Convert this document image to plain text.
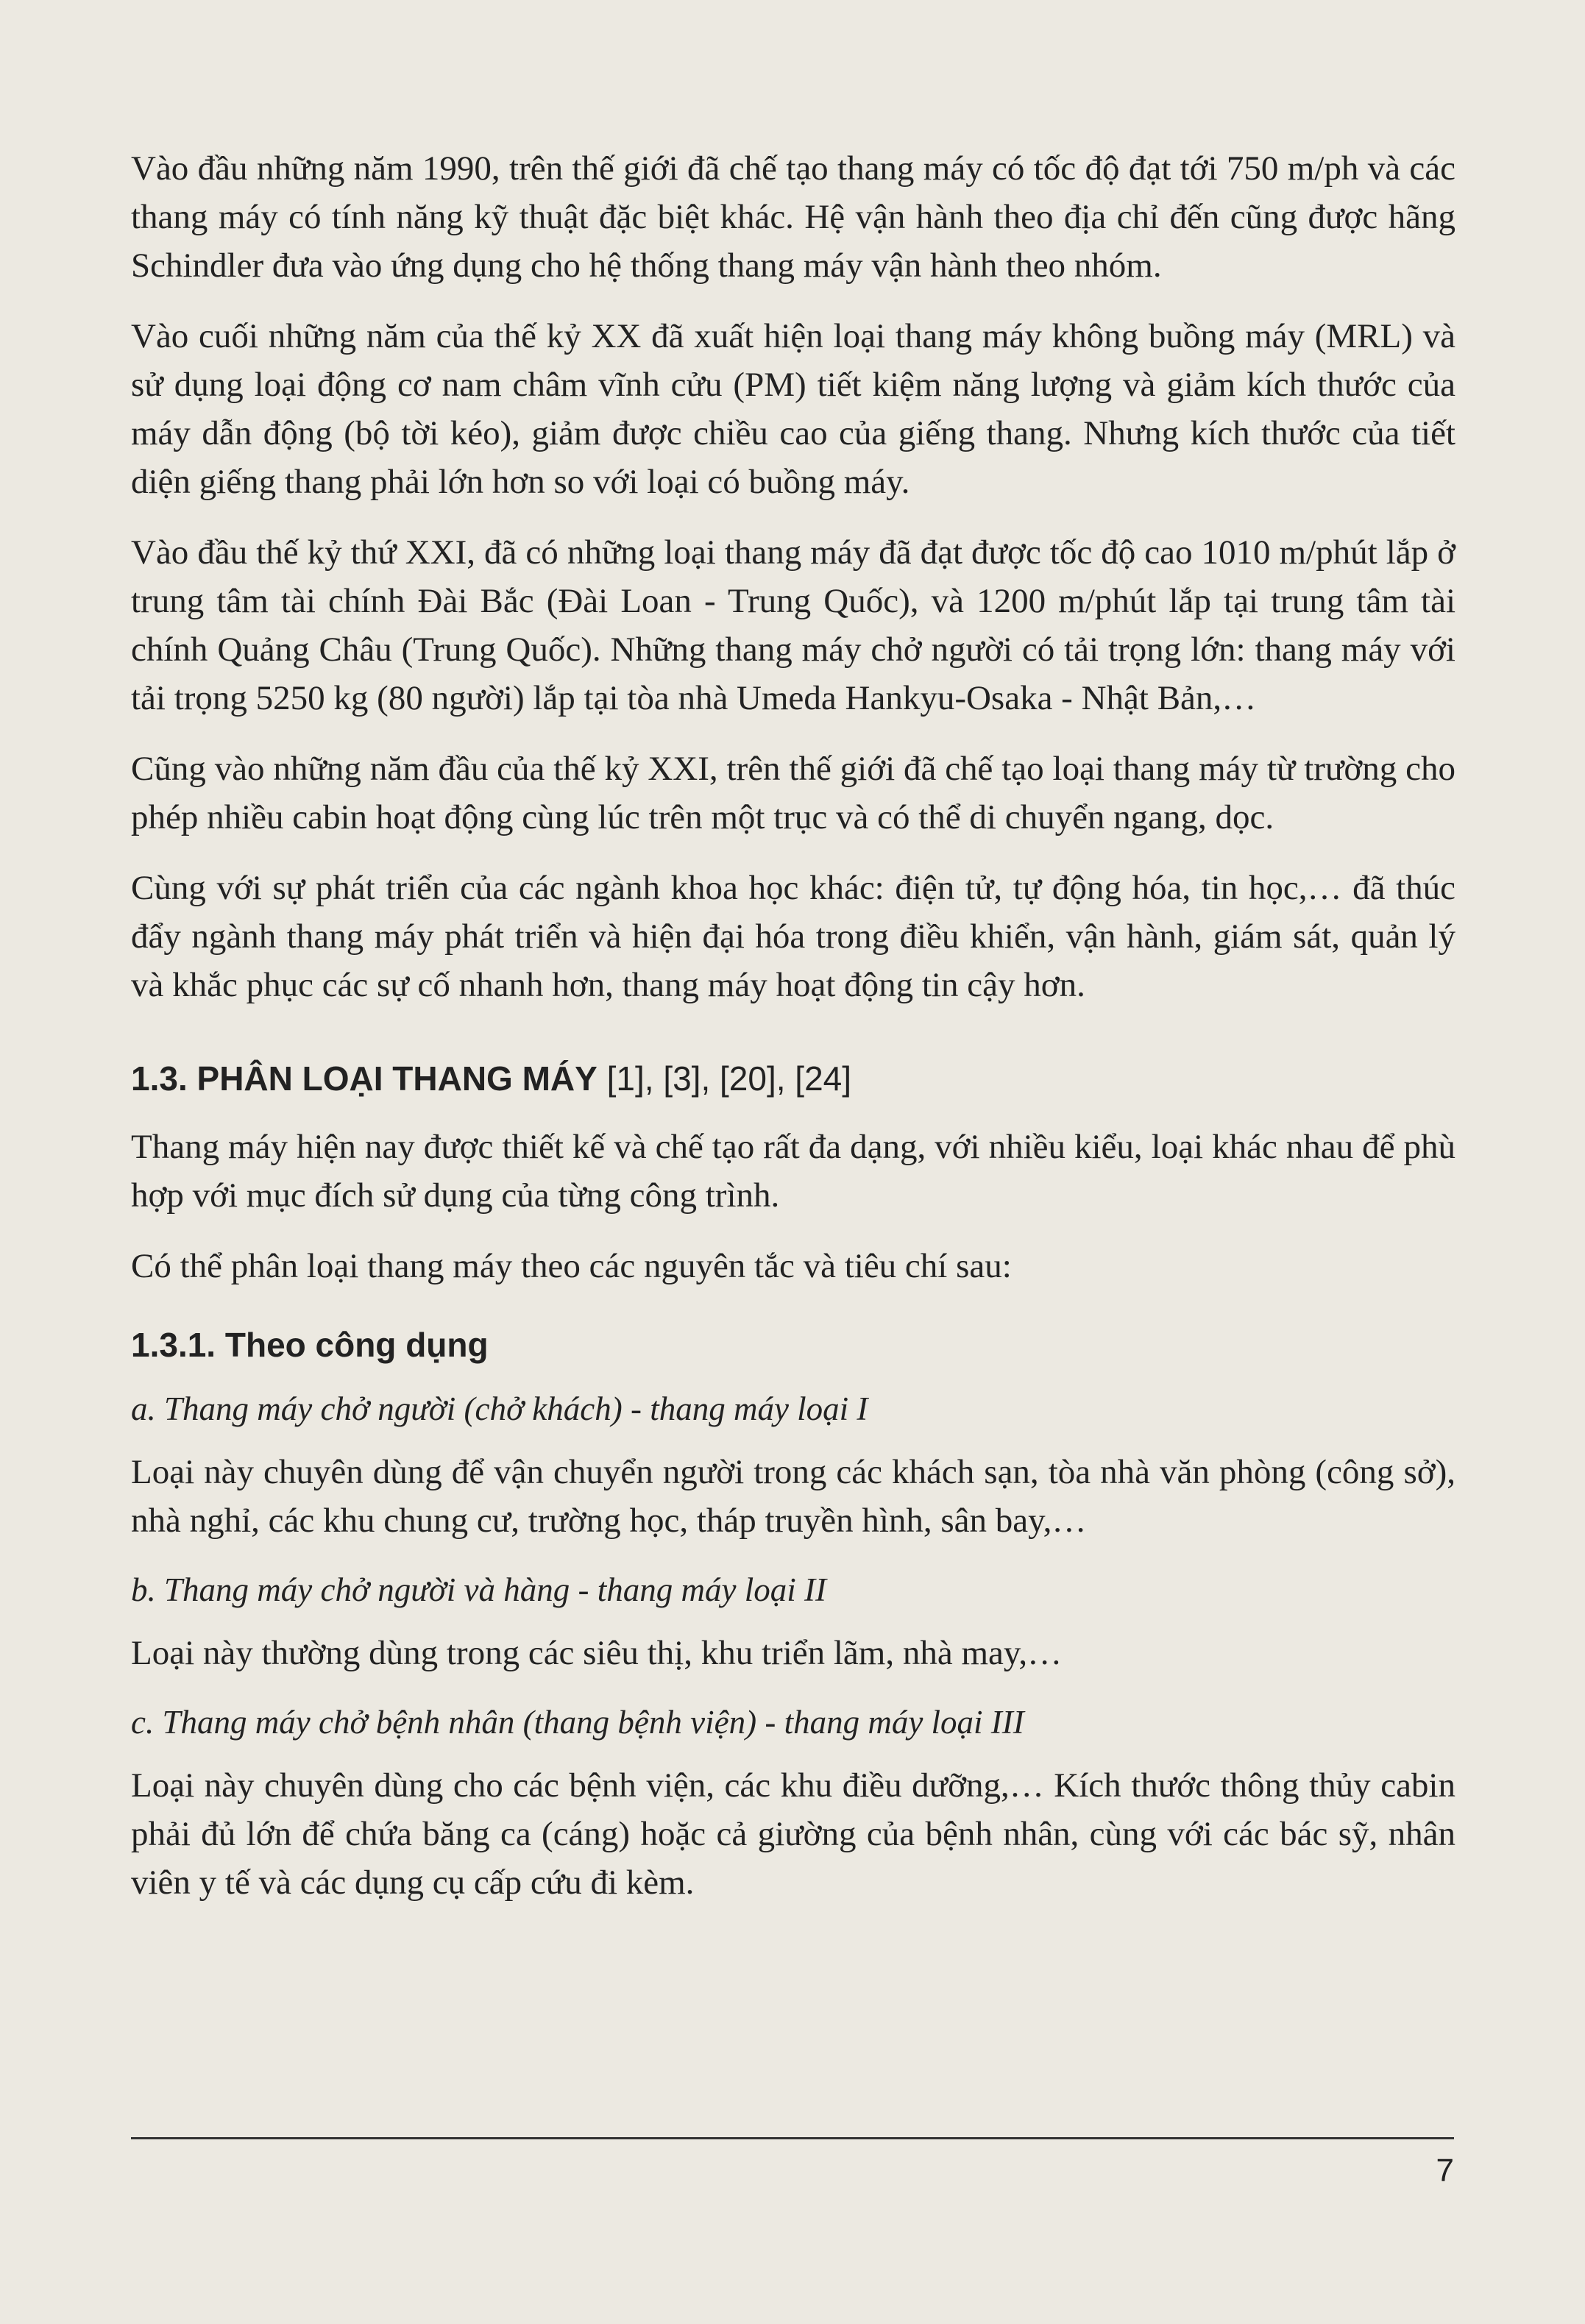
Vào đầu những năm 1990, trên thế giới đã chế tạo thang máy có tốc độ đạt tới 750 m/ph và các thang máy có tính năng kỹ thuật đặc biệt khác. Hệ vận hành theo địa chỉ đến cũng được hãng Schindler đưa vào ứng dụng cho hệ thống thang máy vận hành theo nhóm.

Vào cuối những năm của thế kỷ XX đã xuất hiện loại thang máy không buồng máy (MRL) và sử dụng loại động cơ nam châm vĩnh cửu (PM) tiết kiệm năng lượng và giảm kích thước của máy dẫn động (bộ tời kéo), giảm được chiều cao của giếng thang. Nhưng kích thước của tiết diện giếng thang phải lớn hơn so với loại có buồng máy.

Vào đầu thế kỷ thứ XXI, đã có những loại thang máy đã đạt được tốc độ cao 1010 m/phút lắp ở trung tâm tài chính Đài Bắc (Đài Loan - Trung Quốc), và 1200 m/phút lắp tại trung tâm tài chính Quảng Châu (Trung Quốc). Những thang máy chở người có tải trọng lớn: thang máy với tải trọng 5250 kg (80 người) lắp tại tòa nhà Umeda Hankyu-Osaka - Nhật Bản,…

Cũng vào những năm đầu của thế kỷ XXI, trên thế giới đã chế tạo loại thang máy từ trường cho phép nhiều cabin hoạt động cùng lúc trên một trục và có thể di chuyển ngang, dọc.

Cùng với sự phát triển của các ngành khoa học khác: điện tử, tự động hóa, tin học,… đã thúc đẩy ngành thang máy phát triển và hiện đại hóa trong điều khiển, vận hành, giám sát, quản lý và khắc phục các sự cố nhanh hơn, thang máy hoạt động tin cậy hơn.

1.3. PHÂN LOẠI THANG MÁY [1], [3], [20], [24]

Thang máy hiện nay được thiết kế và chế tạo rất đa dạng, với nhiều kiểu, loại khác nhau để phù hợp với mục đích sử dụng của từng công trình.

Có thể phân loại thang máy theo các nguyên tắc và tiêu chí sau:

1.3.1. Theo công dụng

a. Thang máy chở người (chở khách) - thang máy loại I

Loại này chuyên dùng để vận chuyển người trong các khách sạn, tòa nhà văn phòng (công sở), nhà nghỉ, các khu chung cư, trường học, tháp truyền hình, sân bay,…

b. Thang máy chở người và hàng - thang máy loại II

Loại này thường dùng trong các siêu thị, khu triển lãm, nhà may,…

c. Thang máy chở bệnh nhân (thang bệnh viện) - thang máy loại III

Loại này chuyên dùng cho các bệnh viện, các khu điều dưỡng,… Kích thước thông thủy cabin phải đủ lớn để chứa băng ca (cáng) hoặc cả giường của bệnh nhân, cùng với các bác sỹ, nhân viên y tế và các dụng cụ cấp cứu đi kèm.

7
